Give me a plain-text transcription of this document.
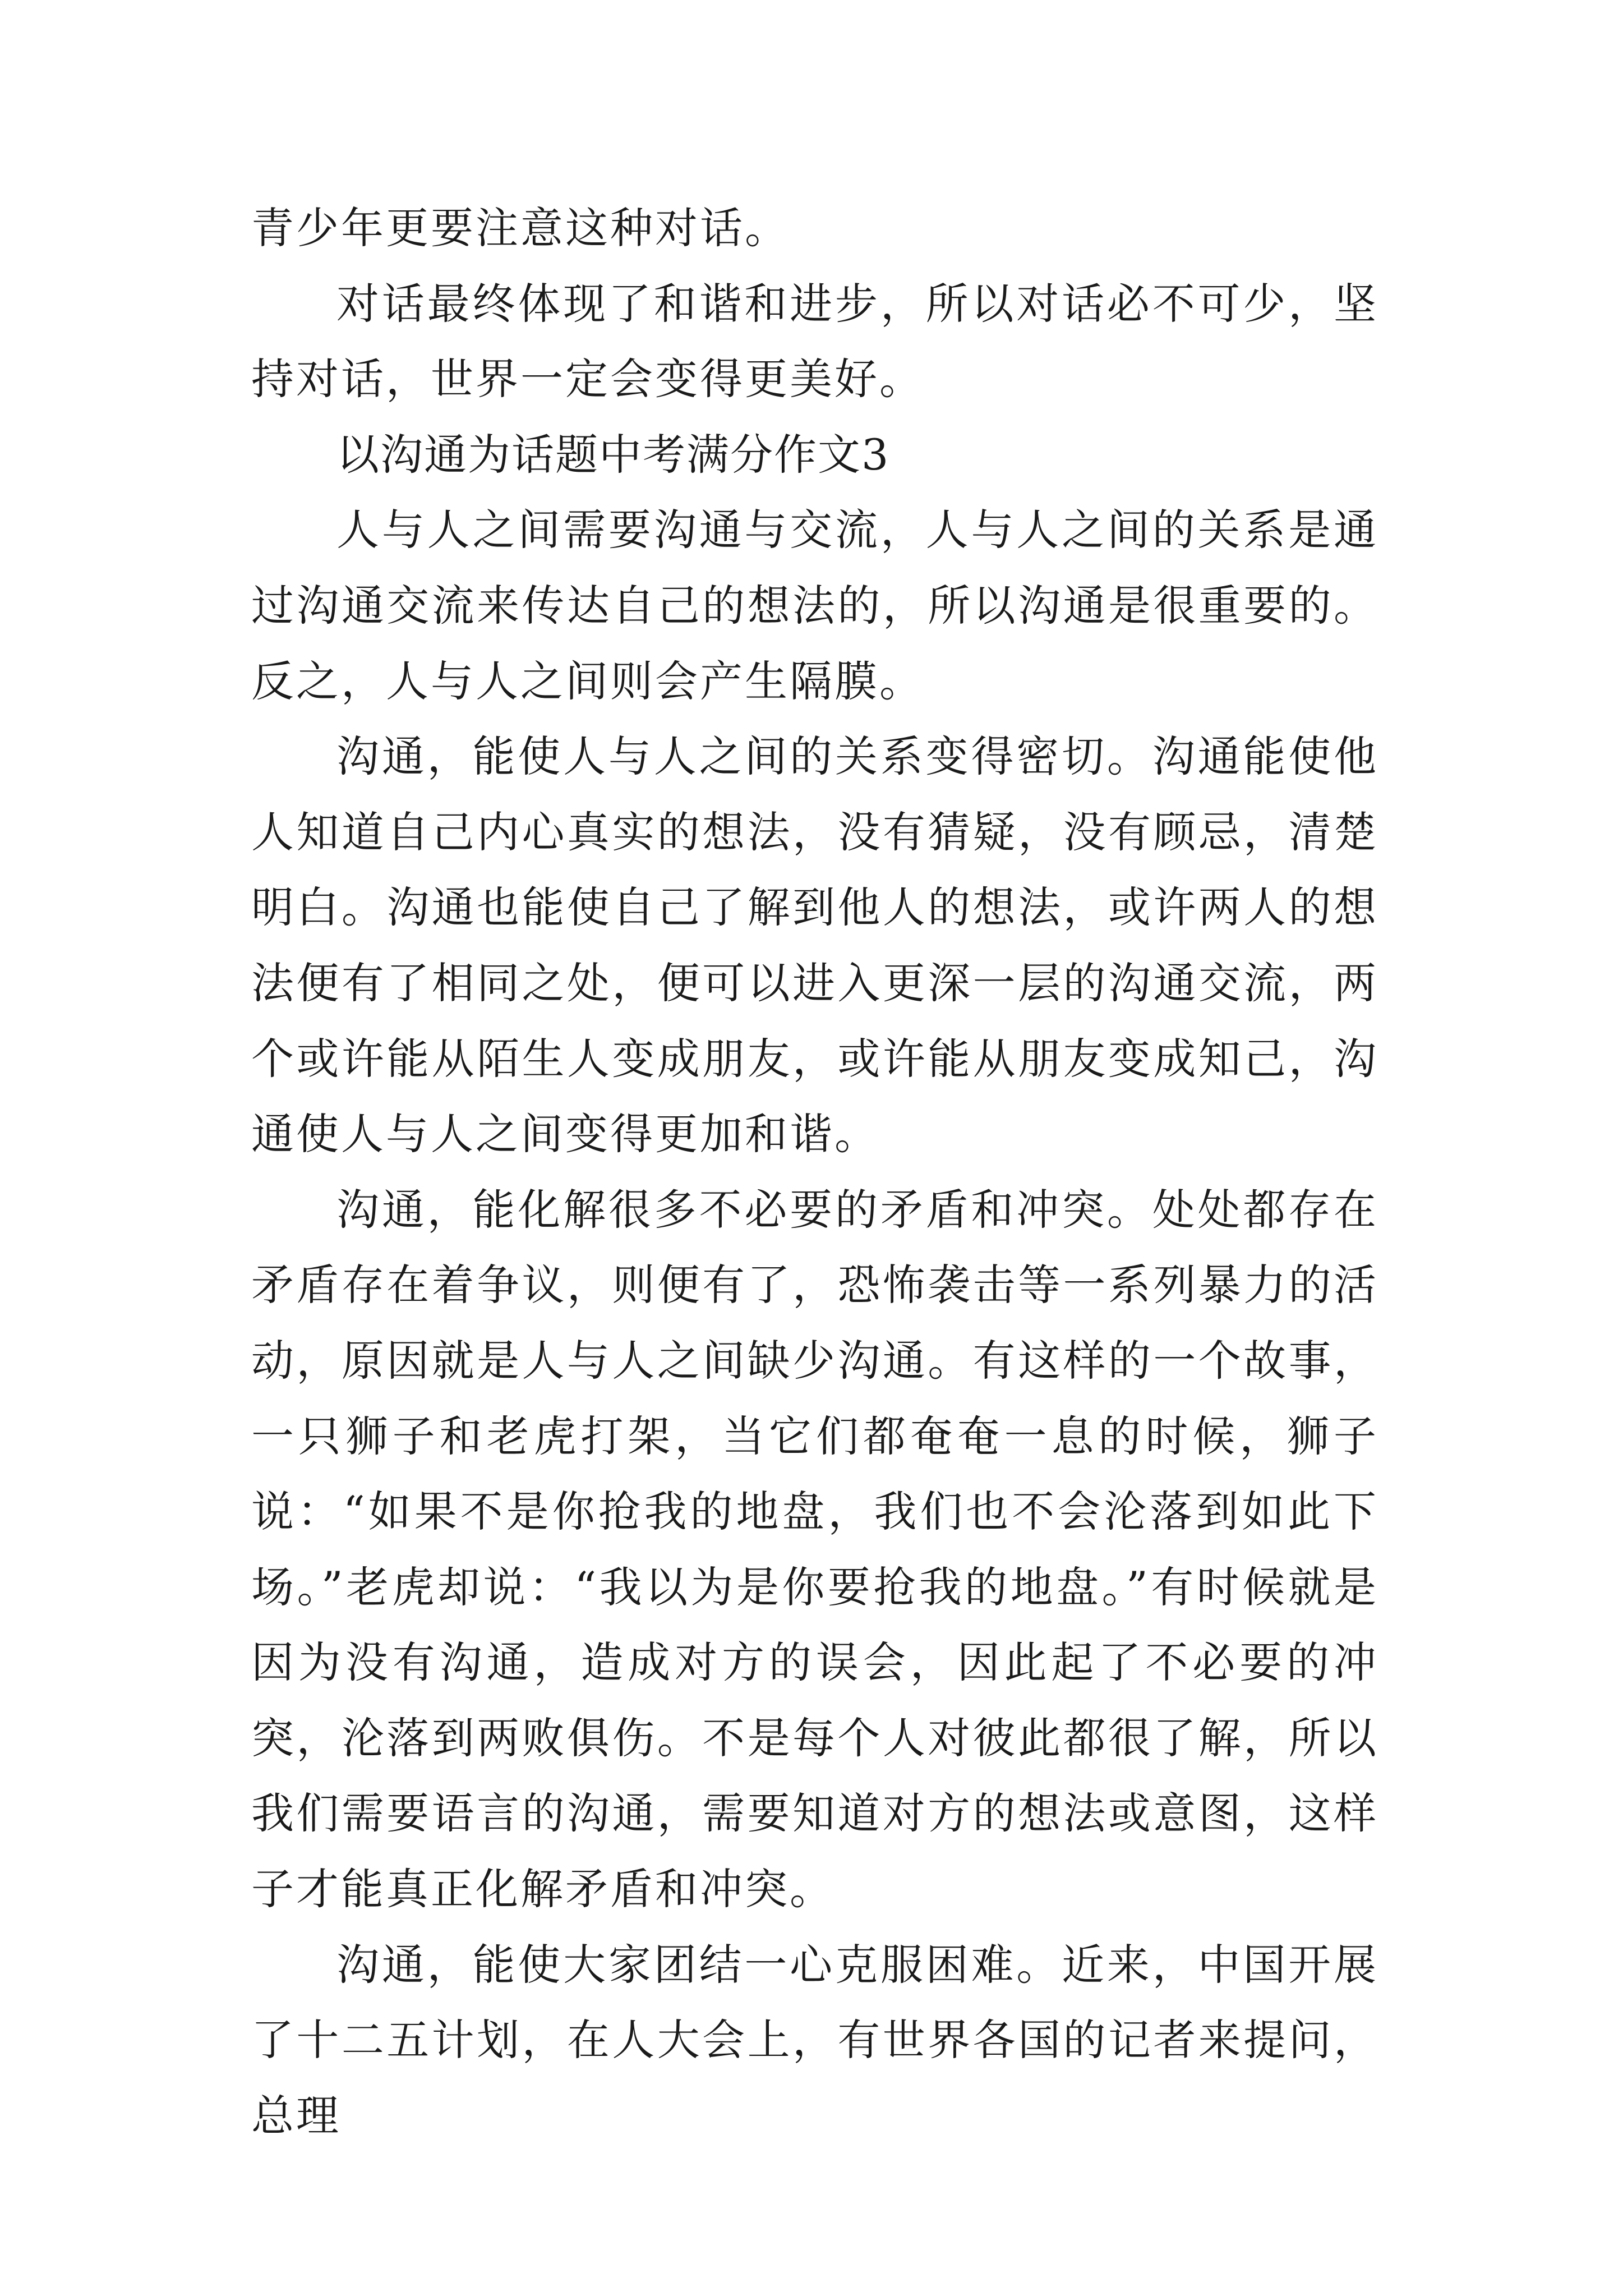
青少年更要注意这种对话。

对话最终体现了和谐和进步，所以对话必不可少，坚持对话，世界一定会变得更美好。

以沟通为话题中考满分作文3

人与人之间需要沟通与交流，人与人之间的关系是通过沟通交流来传达自己的想法的，所以沟通是很重要的。反之，人与人之间则会产生隔膜。

沟通，能使人与人之间的关系变得密切。沟通能使他人知道自己内心真实的想法，没有猜疑，没有顾忌，清楚明白。沟通也能使自己了解到他人的想法，或许两人的想法便有了相同之处，便可以进入更深一层的沟通交流，两个或许能从陌生人变成朋友，或许能从朋友变成知己，沟通使人与人之间变得更加和谐。

沟通，能化解很多不必要的矛盾和冲突。处处都存在矛盾存在着争议，则便有了，恐怖袭击等一系列暴力的活动，原因就是人与人之间缺少沟通。有这样的一个故事，一只狮子和老虎打架，当它们都奄奄一息的时候，狮子说：“如果不是你抢我的地盘，我们也不会沦落到如此下场。”老虎却说：“我以为是你要抢我的地盘。”有时候就是因为没有沟通，造成对方的误会，因此起了不必要的冲突，沦落到两败俱伤。不是每个人对彼此都很了解，所以我们需要语言的沟通，需要知道对方的想法或意图，这样子才能真正化解矛盾和冲突。

沟通，能使大家团结一心克服困难。近来，中国开展了十二五计划，在人大会上，有世界各国的记者来提问，总理
